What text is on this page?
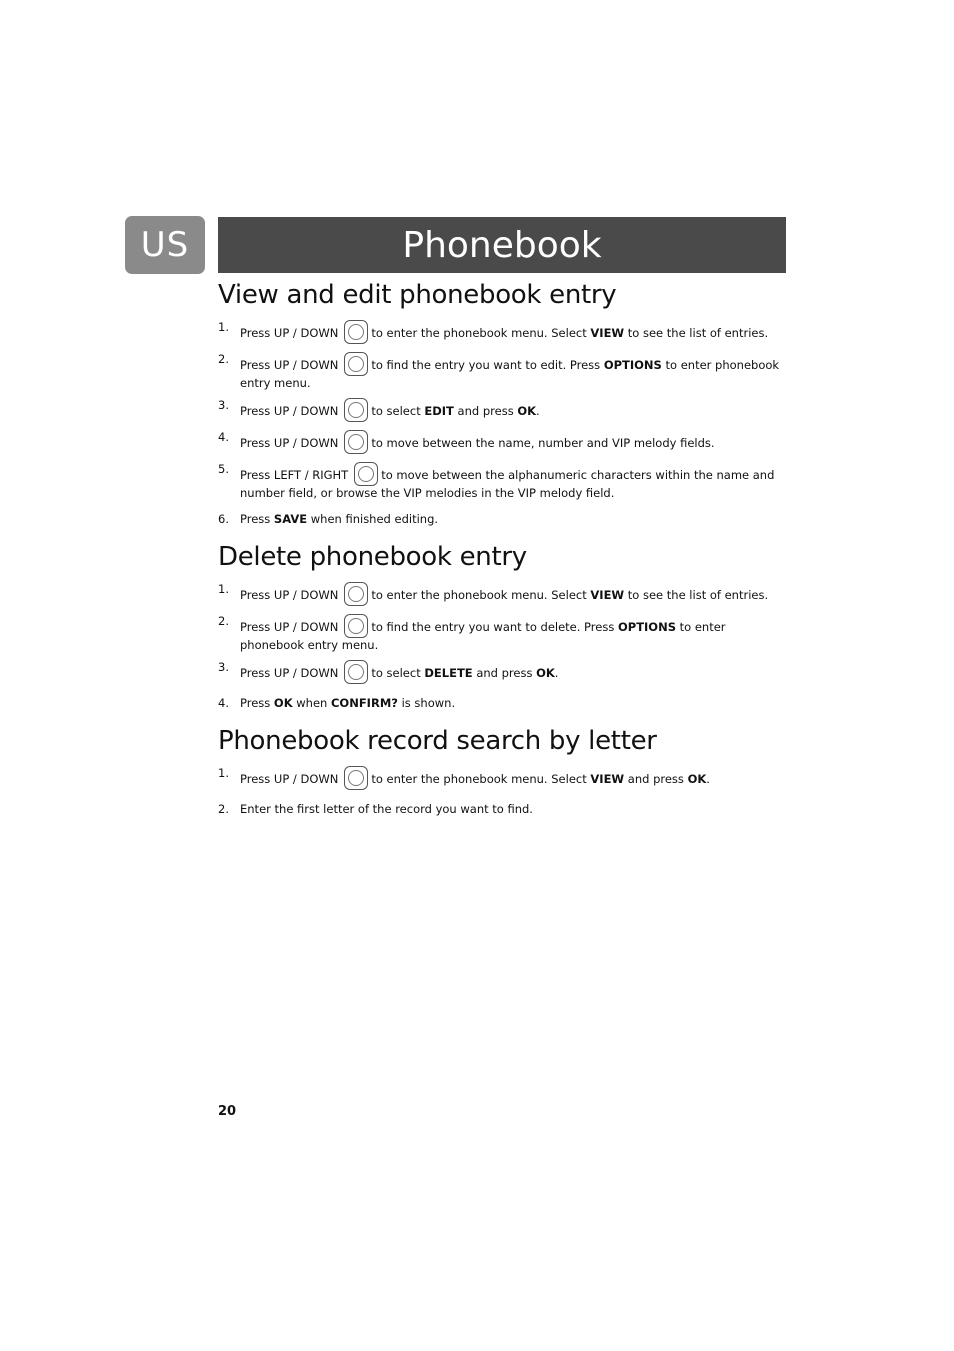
US	Phonebook
View and edit phonebook entry
1. Press UP / DOWN	to enter the phonebook menu. Select VIEW to see the list of entries.
2. Press UP / DOWN	to find the entry you want to edit. Press OPTIONS to enter phonebook entry menu.
3. Press UP / DOWN	to select EDIT and press OK.
4. Press UP / DOWN	to move between the name, number and VIP melody fields.
5. Press LEFT / RIGHT	to move between the alphanumeric characters within the name and number field, or browse the VIP melodies in the VIP melody field.
6. Press SAVE when finished editing.
Delete phonebook entry
1. Press UP / DOWN	to enter the phonebook menu. Select VIEW to see the list of entries.
2. Press UP / DOWN	to find the entry you want to delete. Press OPTIONS to enter phonebook entry menu.
3. Press UP / DOWN	to select DELETE and press OK.
4. Press OK when CONFIRM? is shown.
Phonebook record search by letter
1. Press UP / DOWN	to enter the phonebook menu. Select VIEW and press OK.
2. Enter the first letter of the record you want to find.
20
